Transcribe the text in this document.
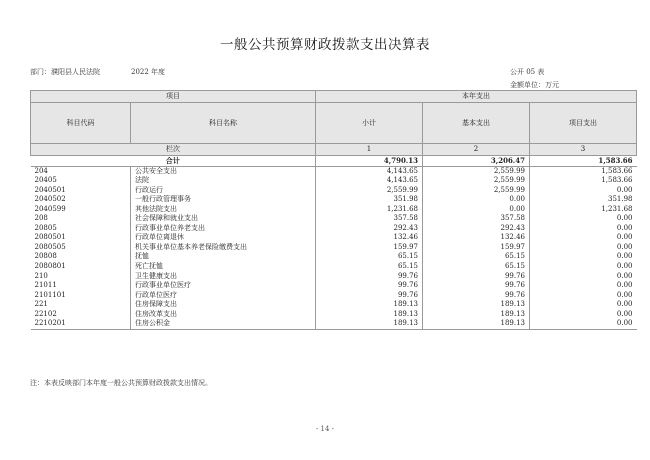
一般公共预算财政拨款支出决算表
部门：濮阳县人民法院	2022 年度	公开 05 表
金额单位：万元
项目		本年支出		
科目代码	科目名称	小计	基本支出	项目支出
栏次		1	2	3
合计		4,790.13	3,206.47	1,583.66
204	公共安全支出	4,143.65	2,559.99	1,583.66
20405	法院	4,143.65	2,559.99	1,583.66
2040501	行政运行	2,559.99	2,559.99	0.00
2040502	一般行政管理事务	351.98	0.00	351.98
2040599	其他法院支出	1,231.68	0.00	1,231.68
208	社会保障和就业支出	357.58	357.58	0.00
20805	行政事业单位养老支出	292.43	292.43	0.00
2080501	行政单位离退休	132.46	132.46	0.00
2080505	机关事业单位基本养老保险缴费支出	159.97	159.97	0.00
20808	抚恤	65.15	65.15	0.00
2080801	死亡抚恤	65.15	65.15	0.00
210	卫生健康支出	99.76	99.76	0.00
21011	行政事业单位医疗	99.76	99.76	0.00
2101101	行政单位医疗	99.76	99.76	0.00
221	住房保障支出	189.13	189.13	0.00
22102	住房改革支出	189.13	189.13	0.00
2210201	住房公积金	189.13	189.13	0.00
注：本表反映部门本年度一般公共预算财政拨款支出情况。
- 14 -
